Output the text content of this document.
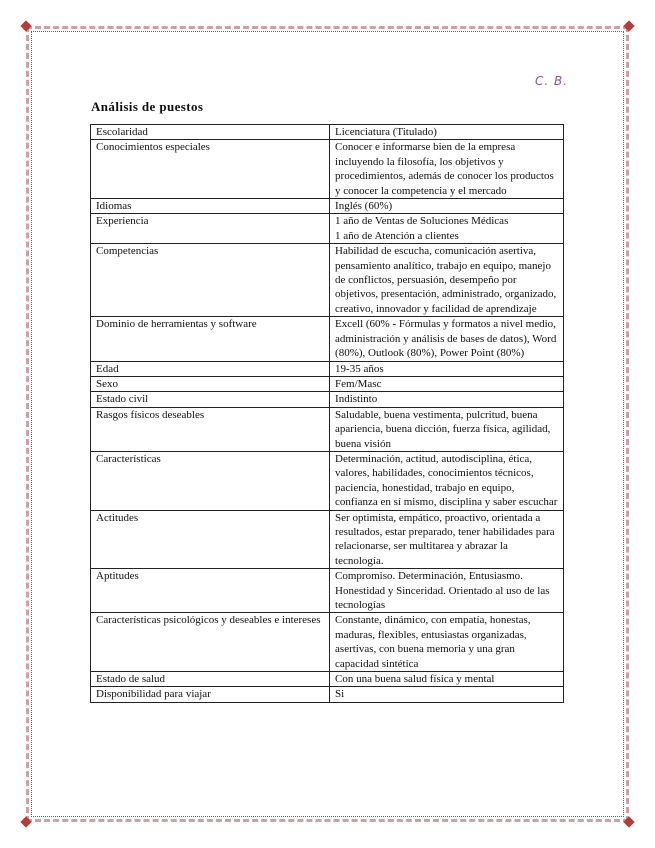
C. B.
Análisis de puestos
Escolaridad	Licenciatura (Titulado)
Conocimientos especiales	Conocer e informarse bien de la empresa incluyendo la filosofía, los objetivos y procedimientos, además de conocer los productos y conocer la competencia y el mercado
Idiomas	Inglés (60%)
Experiencia	1 año de Ventas de Soluciones Médicas
1 año de Atención a clientes
Competencias	Habilidad de escucha, comunicación asertiva, pensamiento analítico, trabajo en equipo, manejo de conflictos, persuasión, desempeño por objetivos, presentación, administrado, organizado, creativo, innovador y facilidad de aprendizaje
Dominio de herramientas y software	Excell (60% - Fórmulas y formatos a nivel medio, administración y análisis de bases de datos), Word (80%), Outlook (80%), Power Point (80%)
Edad	19-35 años
Sexo	Fem/Masc
Estado civil	Indistinto
Rasgos físicos deseables	Saludable, buena vestimenta, pulcritud, buena apariencia, buena dicción, fuerza física, agilidad, buena visión
Características	Determinación, actitud, autodisciplina, ética, valores, habilidades, conocimientos técnicos, paciencia, honestidad, trabajo en equipo, confianza en sí mismo, disciplina y saber escuchar
Actitudes	Ser optimista, empático, proactivo, orientada a resultados, estar preparado, tener habilidades para relacionarse, ser multitarea y abrazar la tecnología.
Aptitudes	Compromiso. Determinación, Entusiasmo. Honestidad y Sinceridad. Orientado al uso de las tecnologías
Características psicológicos y deseables e intereses	Constante, dinámico, con empatía, honestas, maduras, flexibles, entusiastas organizadas, asertivas, con buena memoria y una gran capacidad sintética
Estado de salud	Con una buena salud física y mental
Disponibilidad para viajar	Si
